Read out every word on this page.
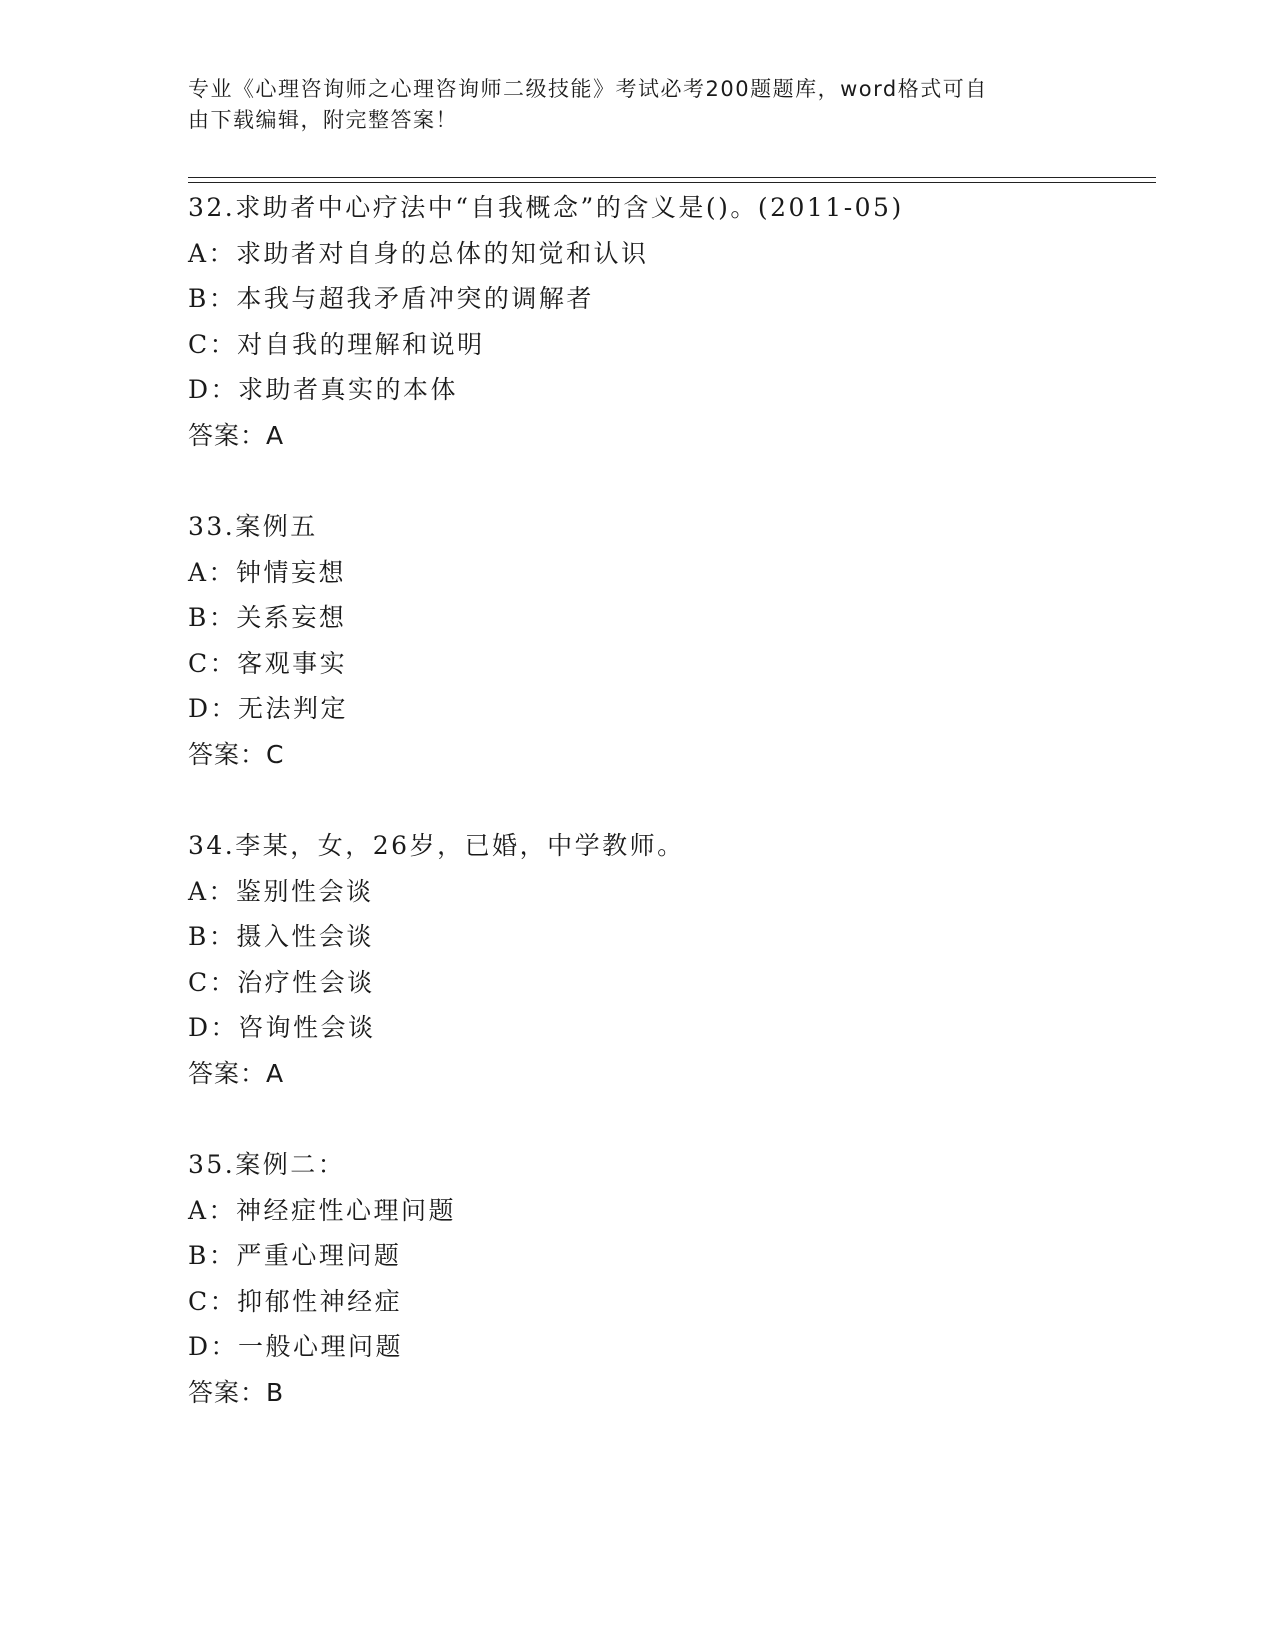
专业《心理咨询师之心理咨询师二级技能》考试必考200题题库，word格式可自
由下载编辑，附完整答案！
32.求助者中心疗法中“自我概念”的含义是()。(2011-05)
A：求助者对自身的总体的知觉和认识
B：本我与超我矛盾冲突的调解者
C：对自我的理解和说明
D：求助者真实的本体
答案：A
33.案例五
A：钟情妄想
B：关系妄想
C：客观事实
D：无法判定
答案：C
34.李某，女，26岁，已婚，中学教师。
A：鉴别性会谈
B：摄入性会谈
C：治疗性会谈
D：咨询性会谈
答案：A
35.案例二：
A：神经症性心理问题
B：严重心理问题
C：抑郁性神经症
D：一般心理问题
答案：B
